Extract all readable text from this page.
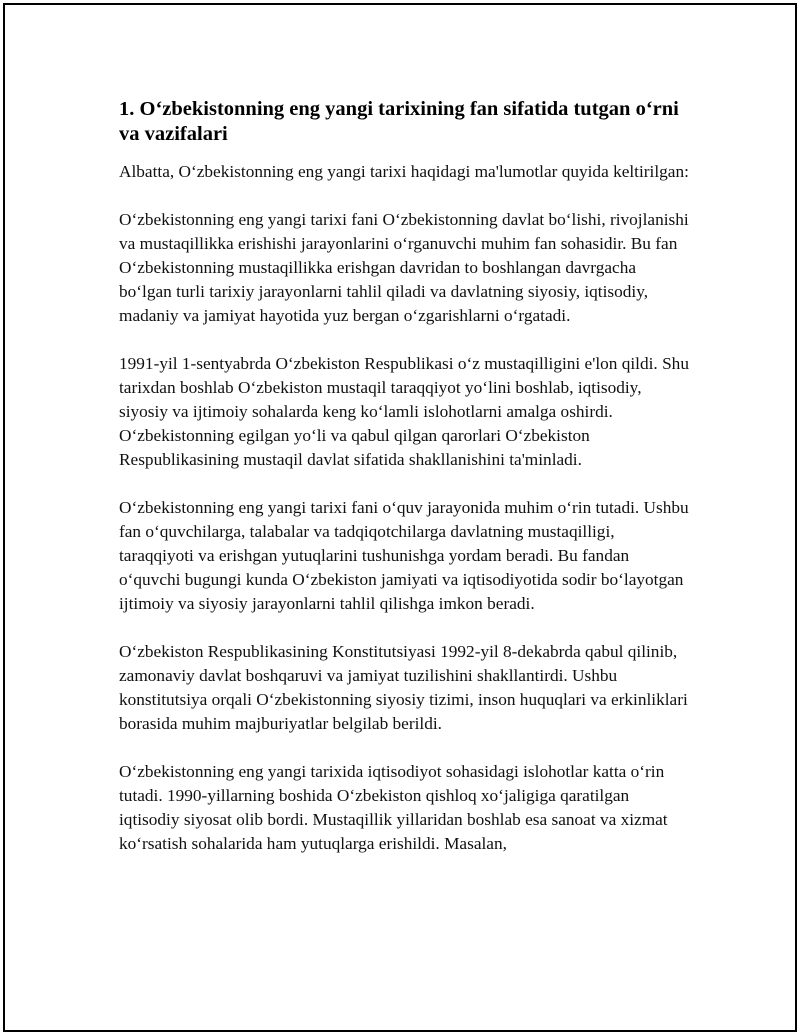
1. O‘zbekistonning eng yangi tarixining fan sifatida tutgan o‘rni va vazifalari

Albatta, O‘zbekistonning eng yangi tarixi haqidagi ma'lumotlar quyida keltirilgan:

O‘zbekistonning eng yangi tarixi fani O‘zbekistonning davlat bo‘lishi, rivojlanishi va mustaqillikka erishishi jarayonlarini o‘rganuvchi muhim fan sohasidir. Bu fan O‘zbekistonning mustaqillikka erishgan davridan to boshlangan davrgacha bo‘lgan turli tarixiy jarayonlarni tahlil qiladi va davlatning siyosiy, iqtisodiy, madaniy va jamiyat hayotida yuz bergan o‘zgarishlarni o‘rgatadi.

1991-yil 1-sentyabrda O‘zbekiston Respublikasi o‘z mustaqilligini e'lon qildi. Shu tarixdan boshlab O‘zbekiston mustaqil taraqqiyot yo‘lini boshlab, iqtisodiy, siyosiy va ijtimoiy sohalarda keng ko‘lamli islohotlarni amalga oshirdi. O‘zbekistonning egilgan yo‘li va qabul qilgan qarorlari O‘zbekiston Respublikasining mustaqil davlat sifatida shakllanishini ta'minladi.

O‘zbekistonning eng yangi tarixi fani o‘quv jarayonida muhim o‘rin tutadi. Ushbu fan o‘quvchilarga, talabalar va tadqiqotchilarga davlatning mustaqilligi, taraqqiyoti va erishgan yutuqlarini tushunishga yordam beradi. Bu fandan o‘quvchi bugungi kunda O‘zbekiston jamiyati va iqtisodiyotida sodir bo‘layotgan ijtimoiy va siyosiy jarayonlarni tahlil qilishga imkon beradi.

O‘zbekiston Respublikasining Konstitutsiyasi 1992-yil 8-dekabrda qabul qilinib, zamonaviy davlat boshqaruvi va jamiyat tuzilishini shakllantirdi. Ushbu konstitutsiya orqali O‘zbekistonning siyosiy tizimi, inson huquqlari va erkinliklari borasida muhim majburiyatlar belgilab berildi.

O‘zbekistonning eng yangi tarixida iqtisodiyot sohasidagi islohotlar katta o‘rin tutadi. 1990-yillarning boshida O‘zbekiston qishloq xo‘jaligiga qaratilgan iqtisodiy siyosat olib bordi. Mustaqillik yillaridan boshlab esa sanoat va xizmat ko‘rsatish sohalarida ham yutuqlarga erishildi. Masalan,
